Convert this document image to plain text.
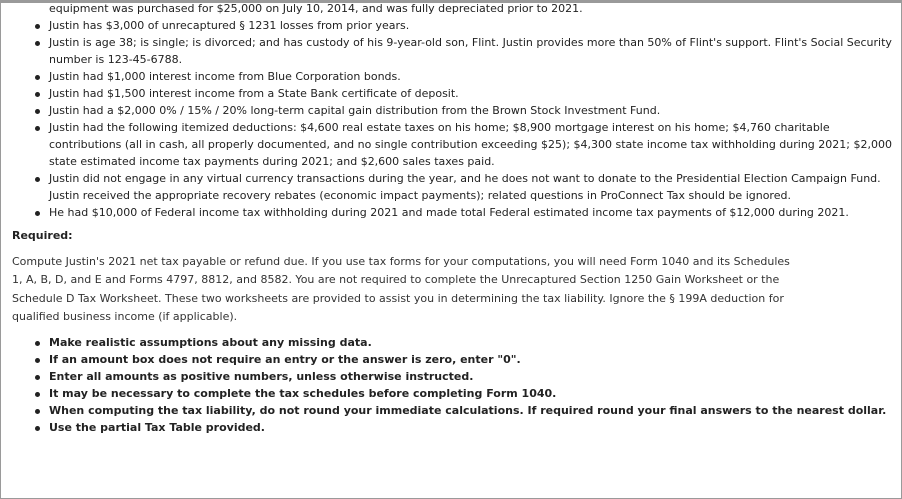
equipment was purchased for $25,000 on July 10, 2014, and was fully depreciated prior to 2021.
Justin has $3,000 of unrecaptured § 1231 losses from prior years.
Justin is age 38; is single; is divorced; and has custody of his 9-year-old son, Flint. Justin provides more than 50% of Flint's support. Flint's Social Security number is 123-45-6788.
Justin had $1,000 interest income from Blue Corporation bonds.
Justin had $1,500 interest income from a State Bank certificate of deposit.
Justin had a $2,000 0% / 15% / 20% long-term capital gain distribution from the Brown Stock Investment Fund.
Justin had the following itemized deductions: $4,600 real estate taxes on his home; $8,900 mortgage interest on his home; $4,760 charitable contributions (all in cash, all properly documented, and no single contribution exceeding $25); $4,300 state income tax withholding during 2021; $2,000 state estimated income tax payments during 2021; and $2,600 sales taxes paid.
Justin did not engage in any virtual currency transactions during the year, and he does not want to donate to the Presidential Election Campaign Fund. Justin received the appropriate recovery rebates (economic impact payments); related questions in ProConnect Tax should be ignored.
He had $10,000 of Federal income tax withholding during 2021 and made total Federal estimated income tax payments of $12,000 during 2021.
Required:
Compute Justin's 2021 net tax payable or refund due. If you use tax forms for your computations, you will need Form 1040 and its Schedules 1, A, B, D, and E and Forms 4797, 8812, and 8582. You are not required to complete the Unrecaptured Section 1250 Gain Worksheet or the Schedule D Tax Worksheet. These two worksheets are provided to assist you in determining the tax liability. Ignore the § 199A deduction for qualified business income (if applicable).
Make realistic assumptions about any missing data.
If an amount box does not require an entry or the answer is zero, enter "0".
Enter all amounts as positive numbers, unless otherwise instructed.
It may be necessary to complete the tax schedules before completing Form 1040.
When computing the tax liability, do not round your immediate calculations. If required round your final answers to the nearest dollar.
Use the partial Tax Table provided.
